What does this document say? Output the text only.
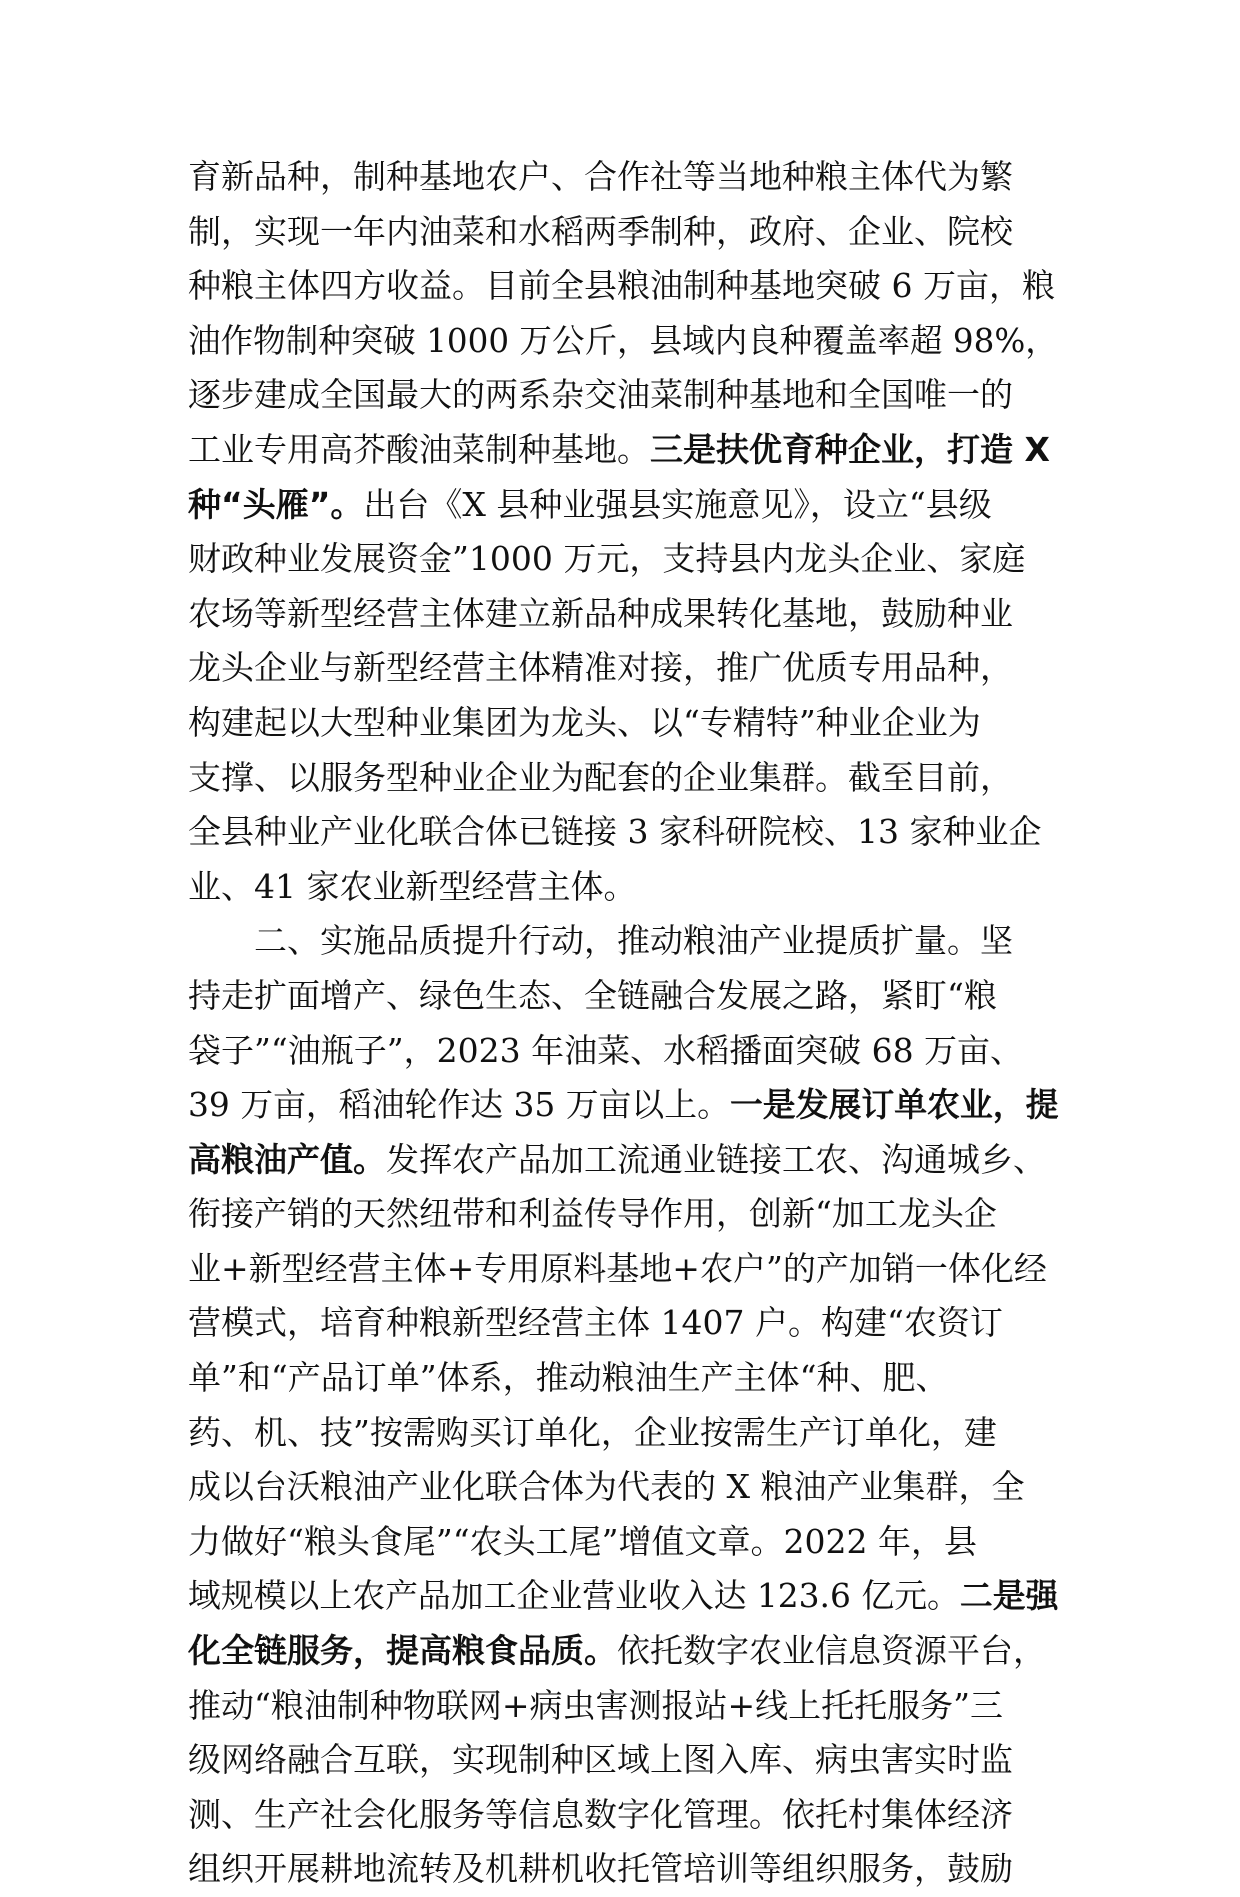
育新品种，制种基地农户、合作社等当地种粮主体代为繁
制，实现一年内油菜和水稻两季制种，政府、企业、院校
种粮主体四方收益。目前全县粮油制种基地突破 6 万亩，粮
油作物制种突破 1000 万公斤，县域内良种覆盖率超 98%，
逐步建成全国最大的两系杂交油菜制种基地和全国唯一的
工业专用高芥酸油菜制种基地。三是扶优育种企业，打造 X
种“头雁”。出台《X 县种业强县实施意见》，设立“县级
财政种业发展资金”1000 万元，支持县内龙头企业、家庭
农场等新型经营主体建立新品种成果转化基地，鼓励种业
龙头企业与新型经营主体精准对接，推广优质专用品种，
构建起以大型种业集团为龙头、以“专精特”种业企业为
支撑、以服务型种业企业为配套的企业集群。截至目前，
全县种业产业化联合体已链接 3 家科研院校、13 家种业企
业、41 家农业新型经营主体。
　　二、实施品质提升行动，推动粮油产业提质扩量。坚
持走扩面增产、绿色生态、全链融合发展之路，紧盯“粮
袋子”“油瓶子”，2023 年油菜、水稻播面突破 68 万亩、
39 万亩，稻油轮作达 35 万亩以上。一是发展订单农业，提
高粮油产值。发挥农产品加工流通业链接工农、沟通城乡、
衔接产销的天然纽带和利益传导作用，创新“加工龙头企
业+新型经营主体+专用原料基地+农户”的产加销一体化经
营模式，培育种粮新型经营主体 1407 户。构建“农资订
单”和“产品订单”体系，推动粮油生产主体“种、肥、
药、机、技”按需购买订单化，企业按需生产订单化，建
成以台沃粮油产业化联合体为代表的 X 粮油产业集群，全
力做好“粮头食尾”“农头工尾”增值文章。2022 年，县
域规模以上农产品加工企业营业收入达 123.6 亿元。二是强
化全链服务，提高粮食品质。依托数字农业信息资源平台，
推动“粮油制种物联网+病虫害测报站+线上托托服务”三
级网络融合互联，实现制种区域上图入库、病虫害实时监
测、生产社会化服务等信息数字化管理。依托村集体经济
组织开展耕地流转及机耕机收托管培训等组织服务，鼓励
